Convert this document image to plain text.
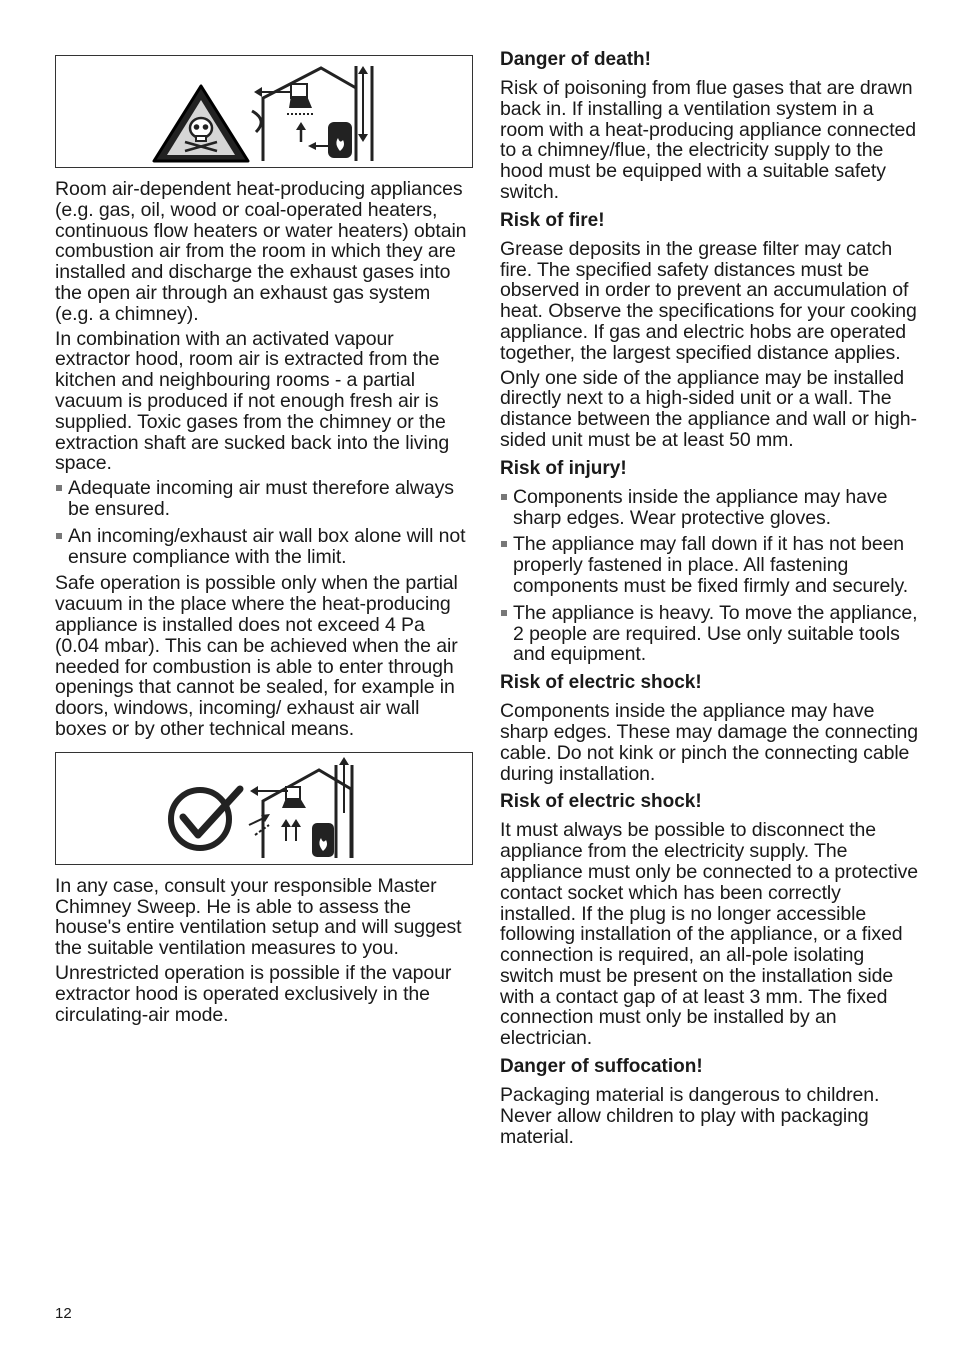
Room air-dependent heat-producing appliances (e.g. gas, oil, wood or coal-operated heaters, continuous flow heaters or water heaters) obtain combustion air from the room in which they are installed and discharge the exhaust gases into the open air through an exhaust gas system (e.g. a chimney).

In combination with an activated vapour extractor hood, room air is extracted from the kitchen and neighbouring rooms - a partial vacuum is produced if not enough fresh air is supplied. Toxic gases from the chimney or the extraction shaft are sucked back into the living space.

Adequate incoming air must therefore always be ensured.
An incoming/exhaust air wall box alone will not ensure compliance with the limit.

Safe operation is possible only when the partial vacuum in the place where the heat-producing appliance is installed does not exceed 4 Pa (0.04 mbar). This can be achieved when the air needed for combustion is able to enter through openings that cannot be sealed, for example in doors, windows, incoming/ exhaust air wall boxes or by other technical means.

In any case, consult your responsible Master Chimney Sweep. He is able to assess the house's entire ventilation setup and will suggest the suitable ventilation measures to you.

Unrestricted operation is possible if the vapour extractor hood is operated exclusively in the circulating-air mode.

Danger of death!

Risk of poisoning from flue gases that are drawn back in. If installing a ventilation system in a room with a heat-producing appliance connected to a chimney/flue, the electricity supply to the hood must be equipped with a suitable safety switch.

Risk of fire!

Grease deposits in the grease filter may catch fire. The specified safety distances must be observed in order to prevent an accumulation of heat. Observe the specifications for your cooking appliance. If gas and electric hobs are operated together, the largest specified distance applies.

Only one side of the appliance may be installed directly next to a high-sided unit or a wall. The distance between the appliance and wall or high-sided unit must be at least 50 mm.

Risk of injury!
Components inside the appliance may have sharp edges. Wear protective gloves.
The appliance may fall down if it has not been properly fastened in place. All fastening components must be fixed firmly and securely.
The appliance is heavy. To move the appliance, 2 people are required. Use only suitable tools and equipment.
Risk of electric shock!

Components inside the appliance may have sharp edges. These may damage the connecting cable. Do not kink or pinch the connecting cable during installation.

Risk of electric shock!

It must always be possible to disconnect the appliance from the electricity supply. The appliance must only be connected to a protective contact socket which has been correctly installed. If the plug is no longer accessible following installation of the appliance, or a fixed connection is required, an all-pole isolating switch must be present on the installation side with a contact gap of at least 3 mm. The fixed connection must only be installed by an electrician.

Danger of suffocation!

Packaging material is dangerous to children. Never allow children to play with packaging material.

12
